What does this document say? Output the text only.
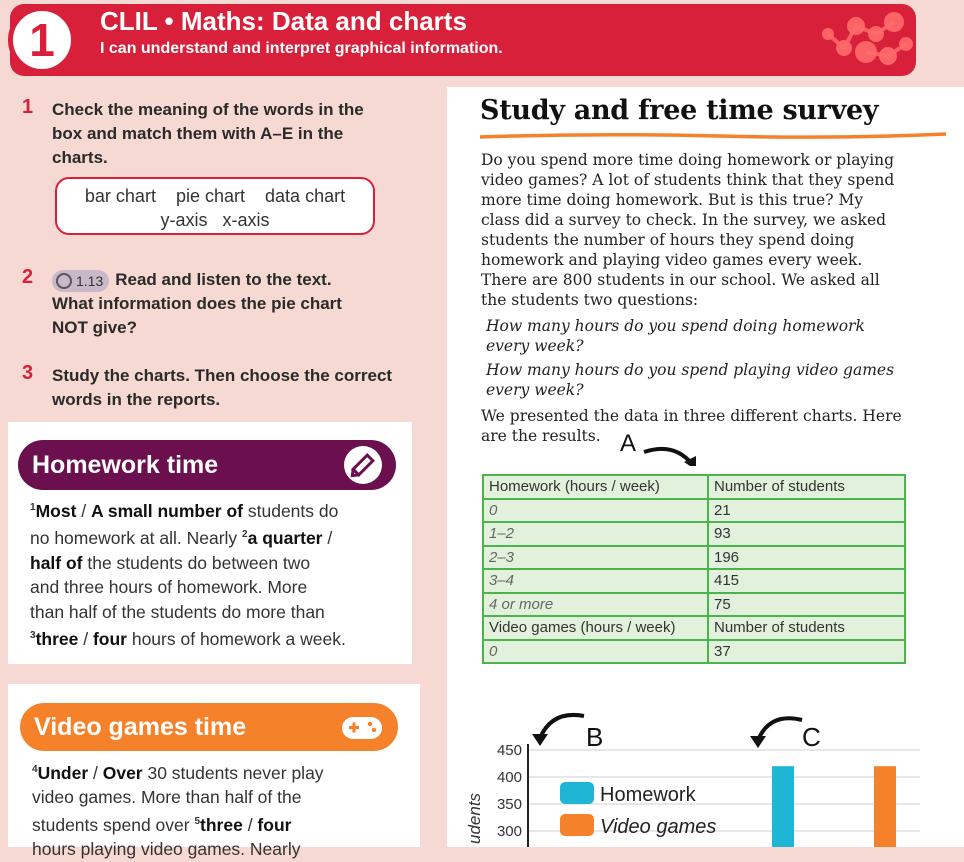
1	CLIL • Maths: Data and charts
I can understand and interpret graphical information.
1 Check the meaning of the words in the
box and match them with A–E in the
charts.
bar chart pie chart data chart
y-axis x-axis
2	1.13 Read and listen to the text.
What information does the pie chart
NOT give?
3 Study the charts. Then choose the correct
words in the reports.
Homework time
$^1$Most / A small number of students do
no homework at all. Nearly $^2$a quarter /
half of the students do between two
and three hours of homework. More
than half of the students do more than
$^3$three / four hours of homework a week.
Video games time
$^4$Under / Over 30 students never play
video games. More than half of the
students spend over $^5$three / four
hours playing video games. Nearly
Study and free time survey
Do you spend more time doing homework or playing
video games? A lot of students think that they spend
more time doing homework. But is this true? My
class did a survey to check. In the survey, we asked
students the number of hours they spend doing
homework and playing video games every week.
There are 800 students in our school. We asked all
the students two questions:
How many hours do you spend doing homework
every week?
How many hours do you spend playing video games
every week?
We presented the data in three different charts. Here
are the results. A
Homework (hours / week)	Number of students
0	21
1–2	93
2–3	196
3–4	415
4 or more	75
Video games (hours / week)	Number of students
0	37
B	C
450
400
350
300
udents	Homework
Video games
